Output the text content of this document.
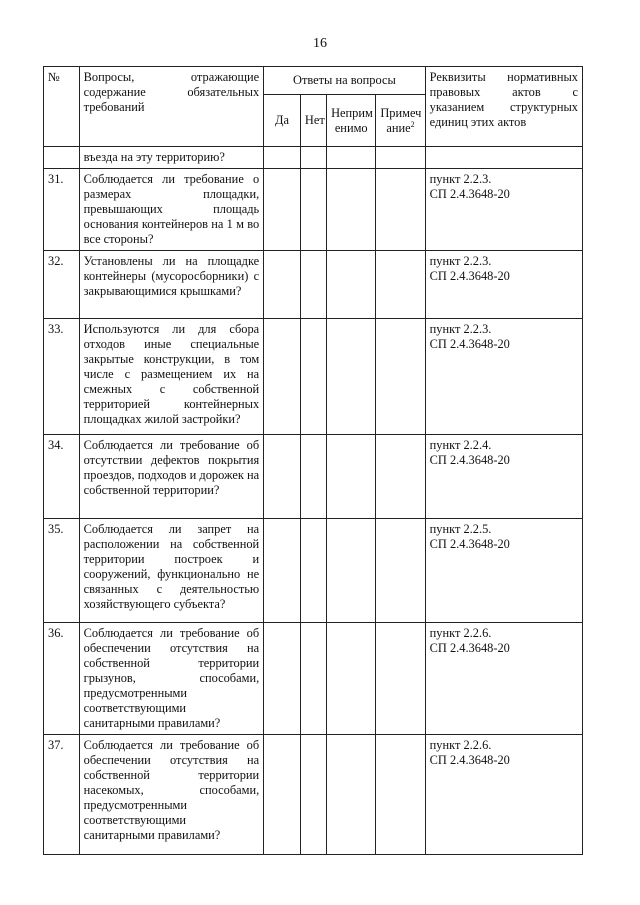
16
№	Вопросы, отражающие содержание обязательных требований	Ответы на вопросы				Реквизиты нормативных правовых актов с указанием структурных единиц этих актов
		Да	Нет	Неприм енимо	Примеч ание$^2$
	въезда на эту территорию?					
31.	Соблюдается ли требование о размерах площадки, превышающих площадь основания контейнеров на 1 м во все стороны?					пункт 2.2.3.
СП 2.4.3648-20
32.	Установлены ли на площадке контейнеры (мусоросборники) с закрывающимися крышками?					пункт 2.2.3.
СП 2.4.3648-20
33.	Используются ли для сбора отходов иные специальные закрытые конструкции, в том числе с размещением их на смежных с собственной территорией контейнерных площадках жилой застройки?					пункт 2.2.3.
СП 2.4.3648-20
34.	Соблюдается ли требование об отсутствии дефектов покрытия проездов, подходов и дорожек на собственной территории?					пункт 2.2.4.
СП 2.4.3648-20
35.	Соблюдается ли запрет на расположении на собственной территории построек и сооружений, функционально не связанных с деятельностью хозяйствующего субъекта?					пункт 2.2.5.
СП 2.4.3648-20
36.	Соблюдается ли требование об обеспечении отсутствия на собственной территории грызунов, способами, предусмотренными соответствующими санитарными правилами?					пункт 2.2.6.
СП 2.4.3648-20
37.	Соблюдается ли требование об обеспечении отсутствия на собственной территории насекомых, способами, предусмотренными соответствующими санитарными правилами?					пункт 2.2.6.
СП 2.4.3648-20
